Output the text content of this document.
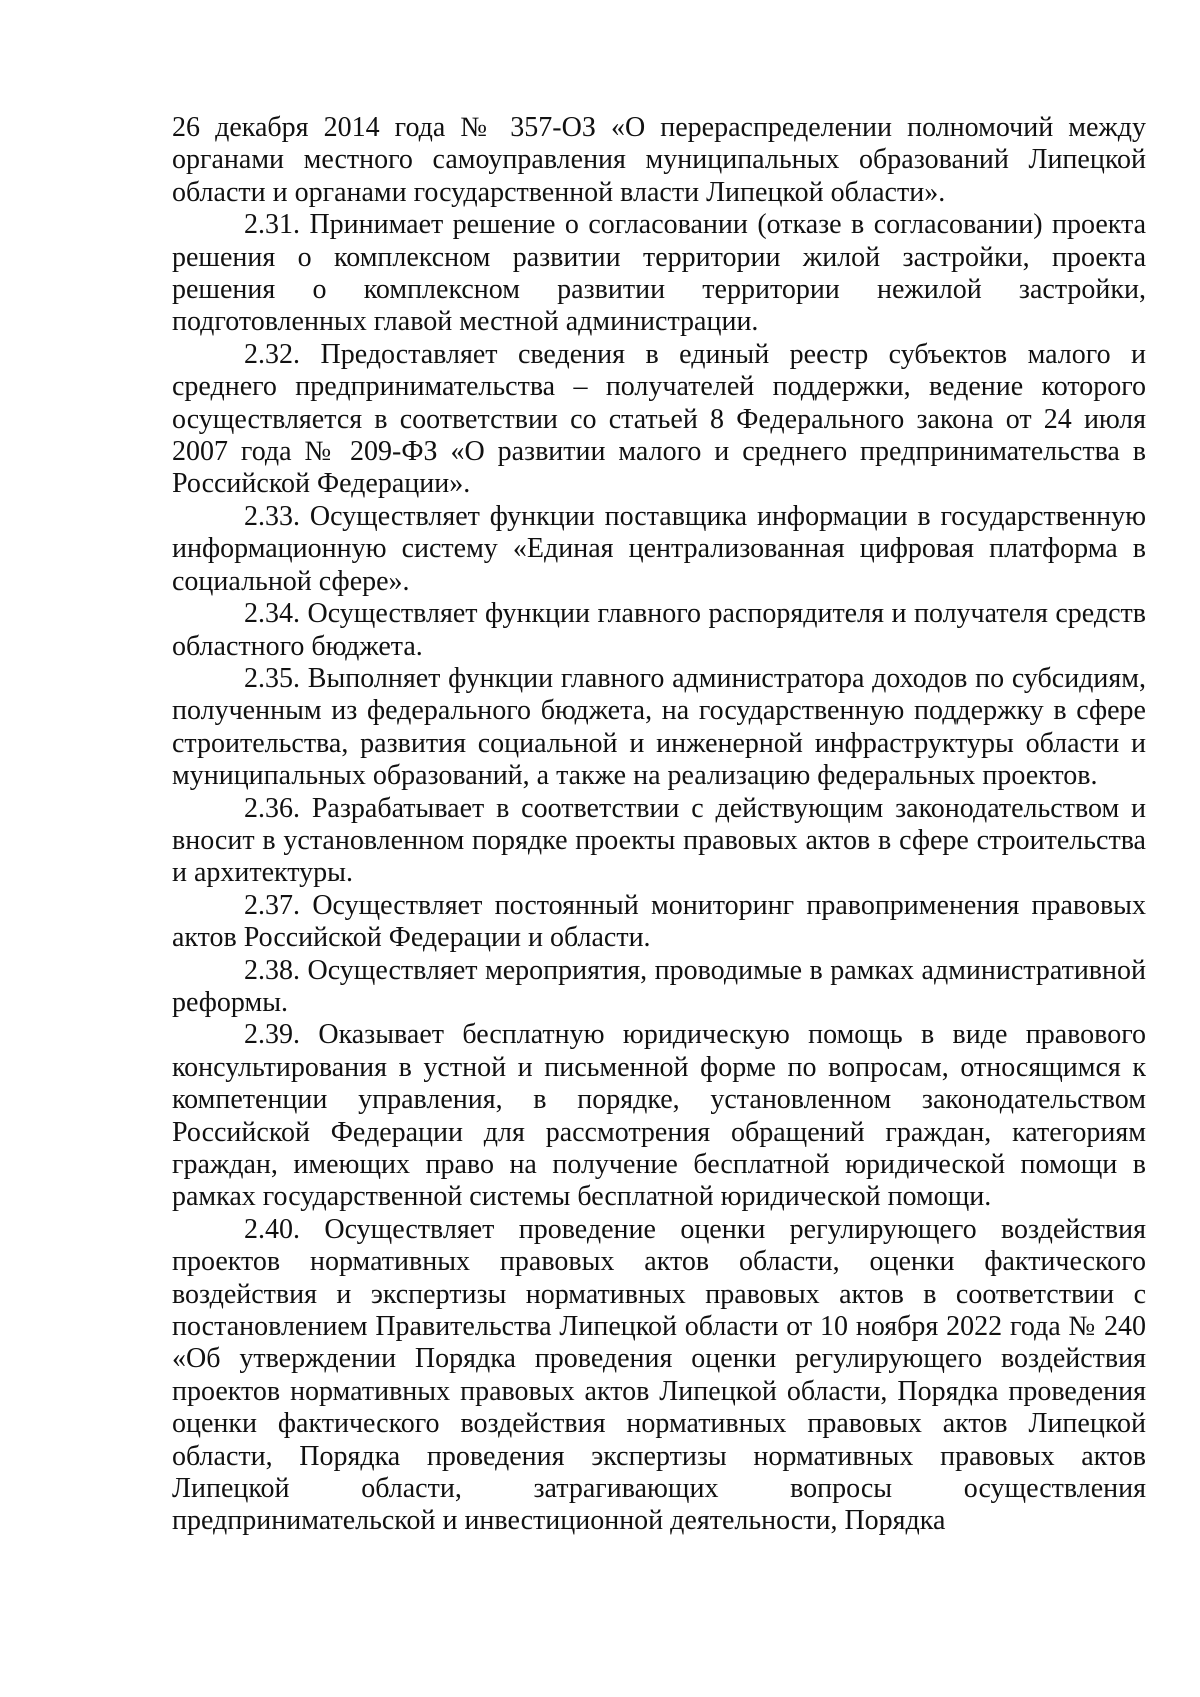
26 декабря 2014 года № 357-ОЗ «О перераспределении полномочий между органами местного самоуправления муниципальных образований Липецкой области и органами государственной власти Липецкой области».

2.31. Принимает решение о согласовании (отказе в согласовании) проекта решения о комплексном развитии территории жилой застройки, проекта решения о комплексном развитии территории нежилой застройки, подготовленных главой местной администрации.

2.32. Предоставляет сведения в единый реестр субъектов малого и среднего предпринимательства – получателей поддержки, ведение которого осуществляется в соответствии со статьей 8 Федерального закона от 24 июля 2007 года № 209-ФЗ «О развитии малого и среднего предпринимательства в Российской Федерации».

2.33. Осуществляет функции поставщика информации в государственную информационную систему «Единая централизованная цифровая платформа в социальной сфере».

2.34. Осуществляет функции главного распорядителя и получателя средств областного бюджета.

2.35. Выполняет функции главного администратора доходов по субсидиям, полученным из федерального бюджета, на государственную поддержку в сфере строительства, развития социальной и инженерной инфраструктуры области и муниципальных образований, а также на реализацию федеральных проектов.

2.36. Разрабатывает в соответствии с действующим законодательством и вносит в установленном порядке проекты правовых актов в сфере строительства и архитектуры.

2.37. Осуществляет постоянный мониторинг правоприменения правовых актов Российской Федерации и области.

2.38. Осуществляет мероприятия, проводимые в рамках административной реформы.

2.39. Оказывает бесплатную юридическую помощь в виде правового консультирования в устной и письменной форме по вопросам, относящимся к компетенции управления, в порядке, установленном законодательством Российской Федерации для рассмотрения обращений граждан, категориям граждан, имеющих право на получение бесплатной юридической помощи в рамках государственной системы бесплатной юридической помощи.

2.40. Осуществляет проведение оценки регулирующего воздействия проектов нормативных правовых актов области, оценки фактического воздействия и экспертизы нормативных правовых актов в соответствии с постановлением Правительства Липецкой области от 10 ноября 2022 года № 240 «Об утверждении Порядка проведения оценки регулирующего воздействия проектов нормативных правовых актов Липецкой области, Порядка проведения оценки фактического воздействия нормативных правовых актов Липецкой области, Порядка проведения экспертизы нормативных правовых актов Липецкой области, затрагивающих вопросы осуществления предпринимательской и инвестиционной деятельности, Порядка
